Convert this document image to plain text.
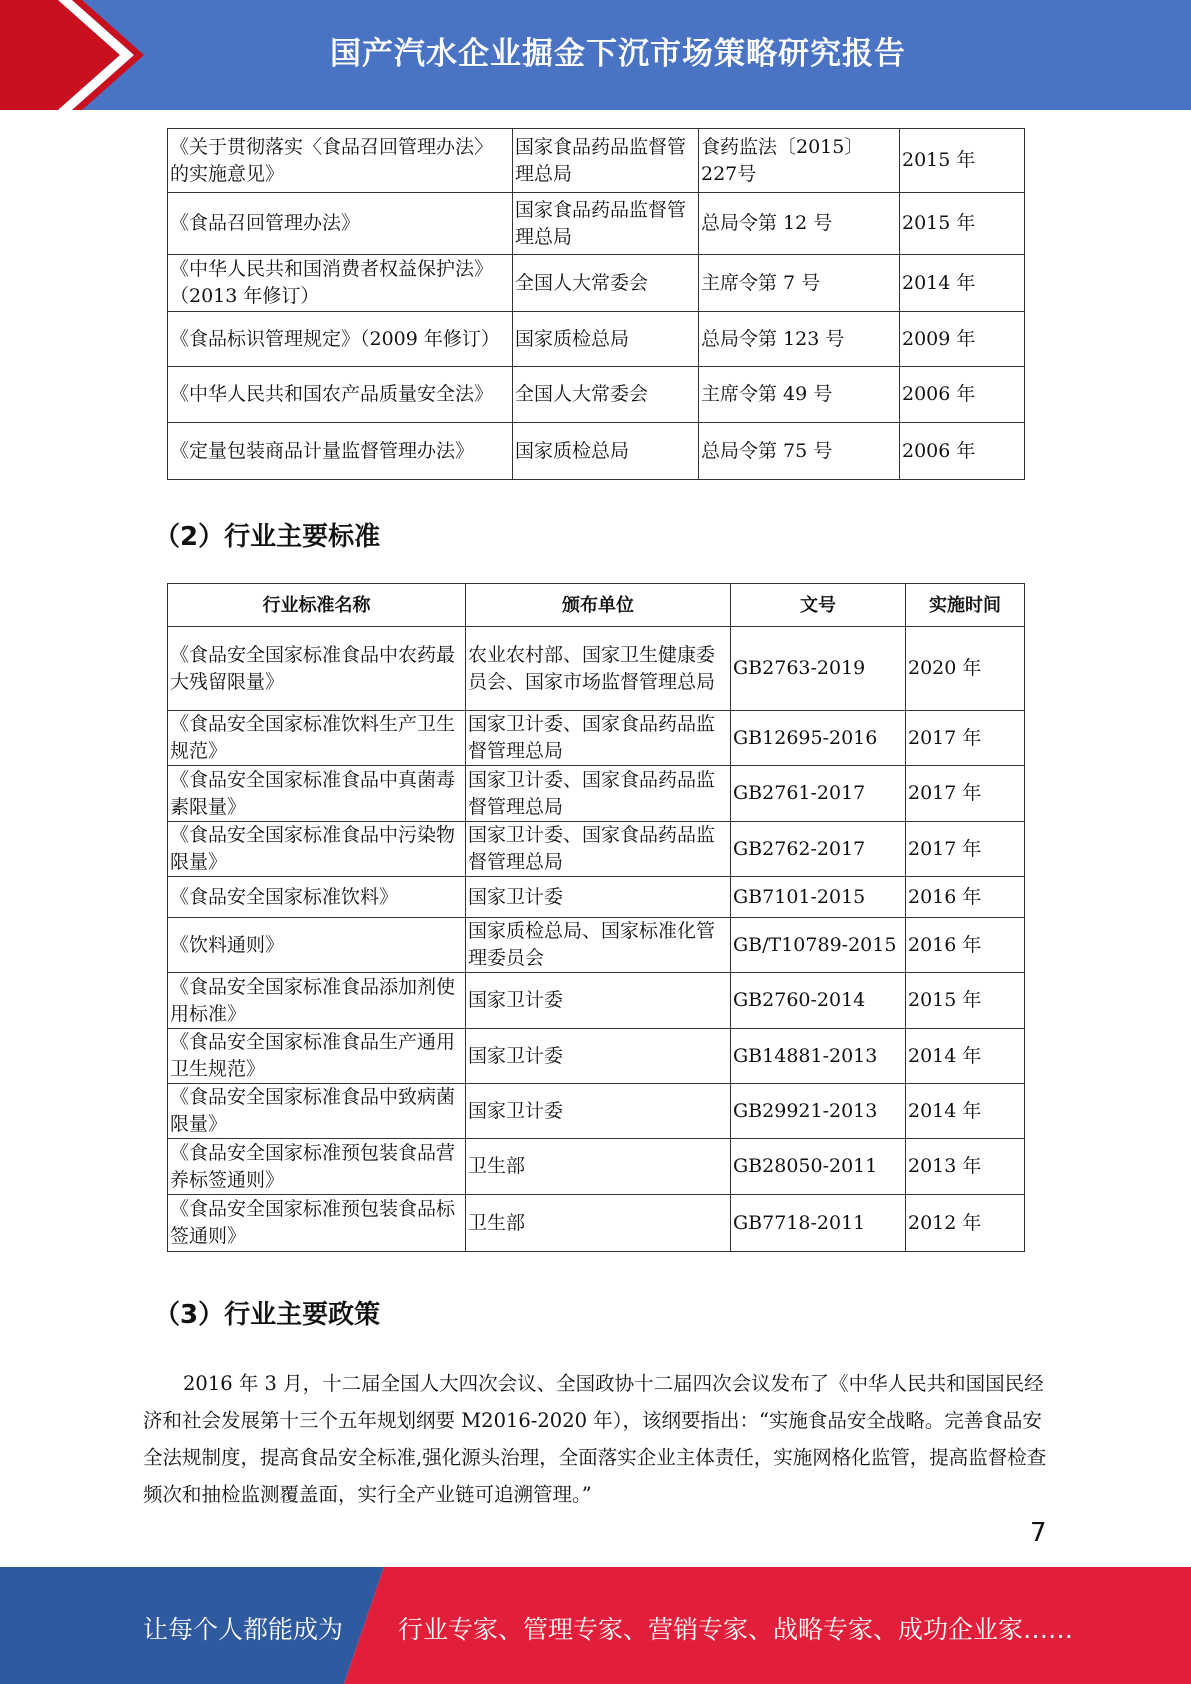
国产汽水企业掘金下沉市场策略研究报告
《关于贯彻落实〈食品召回管理办法〉的实施意见》	国家食品药品监督管理总局	食药监法〔2015〕227号	2015 年
《食品召回管理办法》	国家食品药品监督管理总局	总局令第 12 号	2015 年
《中华人民共和国消费者权益保护法》（2013 年修订）	全国人大常委会	主席令第 7 号	2014 年
《食品标识管理规定》（2009 年修订）	国家质检总局	总局令第 123 号	2009 年
《中华人民共和国农产品质量安全法》	全国人大常委会	主席令第 49 号	2006 年
《定量包装商品计量监督管理办法》	国家质检总局	总局令第 75 号	2006 年
（2）行业主要标准
行业标准名称	颁布单位	文号	实施时间
《食品安全国家标准食品中农药最大残留限量》	农业农村部、国家卫生健康委员会、国家市场监督管理总局	GB2763-2019	2020 年
《食品安全国家标准饮料生产卫生规范》	国家卫计委、国家食品药品监督管理总局	GB12695-2016	2017 年
《食品安全国家标准食品中真菌毒素限量》	国家卫计委、国家食品药品监督管理总局	GB2761-2017	2017 年
《食品安全国家标准食品中污染物限量》	国家卫计委、国家食品药品监督管理总局	GB2762-2017	2017 年
《食品安全国家标准饮料》	国家卫计委	GB7101-2015	2016 年
《饮料通则》	国家质检总局、国家标准化管理委员会	GB/T10789-2015	2016 年
《食品安全国家标准食品添加剂使用标准》	国家卫计委	GB2760-2014	2015 年
《食品安全国家标准食品生产通用卫生规范》	国家卫计委	GB14881-2013	2014 年
《食品安全国家标准食品中致病菌限量》	国家卫计委	GB29921-2013	2014 年
《食品安全国家标准预包装食品营养标签通则》	卫生部	GB28050-2011	2013 年
《食品安全国家标准预包装食品标签通则》	卫生部	GB7718-2011	2012 年
（3）行业主要政策
2016 年 3 月，十二届全国人大四次会议、全国政协十二届四次会议发布了《中华人民共和国国民经济和社会发展第十三个五年规划纲要 M2016-2020 年），该纲要指出：“实施食品安全战略。完善食品安全法规制度，提高食品安全标准,强化源头治理，全面落实企业主体责任，实施网格化监管，提高监督检查频次和抽检监测覆盖面，实行全产业链可追溯管理。”
7
让每个人都能成为 行业专家、管理专家、营销专家、战略专家、成功企业家……
